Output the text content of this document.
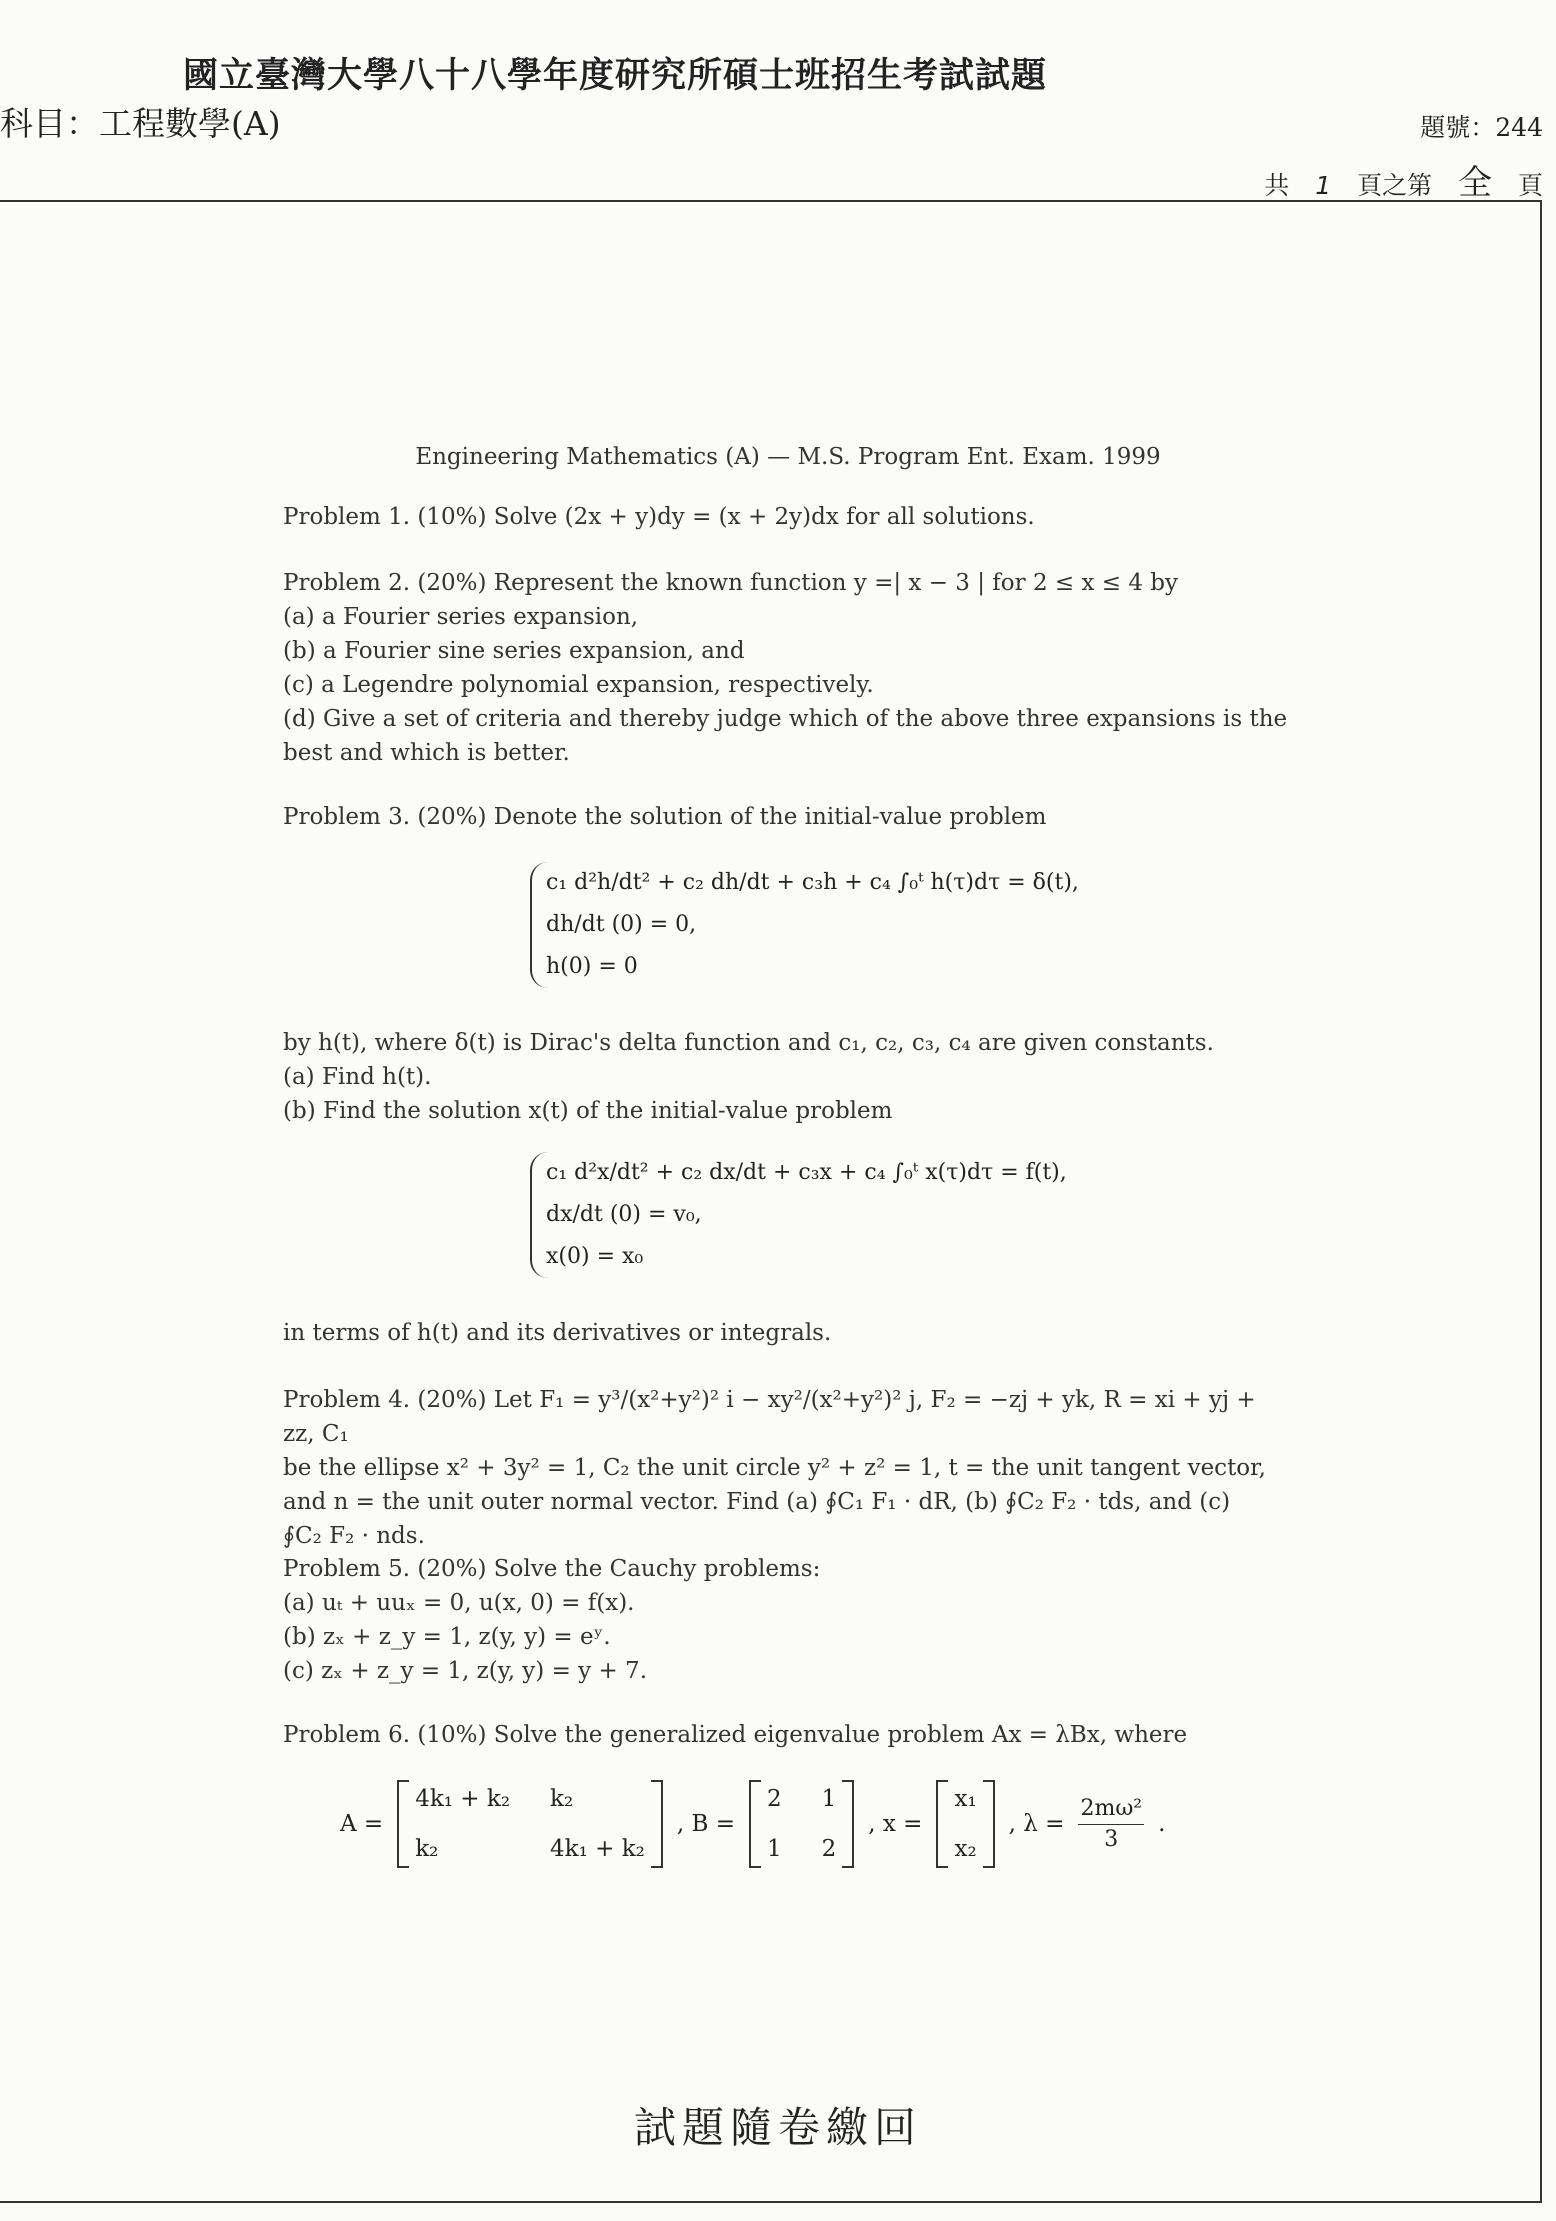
國立臺灣大學八十八學年度研究所碩士班招生考試試題
科目：工程數學(A)	題號：244
共 1 頁之第 全 頁
Engineering Mathematics (A) — M.S. Program Ent. Exam. 1999

Problem 1. (10%) Solve (2x + y)dy = (x + 2y)dx for all solutions.

Problem 2. (20%) Represent the known function y =| x − 3 | for 2 ≤ x ≤ 4 by

(a) a Fourier series expansion,

(b) a Fourier sine series expansion, and

(c) a Legendre polynomial expansion, respectively.

(d) Give a set of criteria and thereby judge which of the above three expansions is the

best and which is better.

Problem 3. (20%) Denote the solution of the initial-value problem
c₁ d²h/dt² + c₂ dh/dt + c₃h + c₄ ∫₀ᵗ h(τ)dτ = δ(t),
dh/dt (0) = 0,
h(0) = 0

by h(t), where δ(t) is Dirac's delta function and c₁, c₂, c₃, c₄ are given constants.

(a) Find h(t).

(b) Find the solution x(t) of the initial-value problem

c₁ d²x/dt² + c₂ dx/dt + c₃x + c₄ ∫₀ᵗ x(τ)dτ = f(t),
dx/dt (0) = v₀,
x(0) = x₀
in terms of h(t) and its derivatives or integrals.

Problem 4. (20%) Let F₁ = y³/(x²+y²)² i − xy²/(x²+y²)² j, F₂ = −zj + yk, R = xi + yj + zz, C₁

be the ellipse x² + 3y² = 1, C₂ the unit circle y² + z² = 1, t = the unit tangent vector,

and n = the unit outer normal vector. Find (a) ∮C₁ F₁ · dR, (b) ∮C₂ F₂ · tds, and (c)

∮C₂ F₂ · nds.

Problem 5. (20%) Solve the Cauchy problems:

(a) uₜ + uuₓ = 0, u(x, 0) = f(x).

(b) zₓ + z_y = 1, z(y, y) = eʸ.

(c) zₓ + z_y = 1, z(y, y) = y + 7.

Problem 6. (10%) Solve the generalized eigenvalue problem Ax = λBx, where
A =
4k₁ + k₂ k₂
k₂	4k₁ + k₂
, B =
2 1
1 2
, x =
x₁
x₂
, $\lambda = \frac{\text{2mω²}}{3}$ .
試題隨卷繳回
